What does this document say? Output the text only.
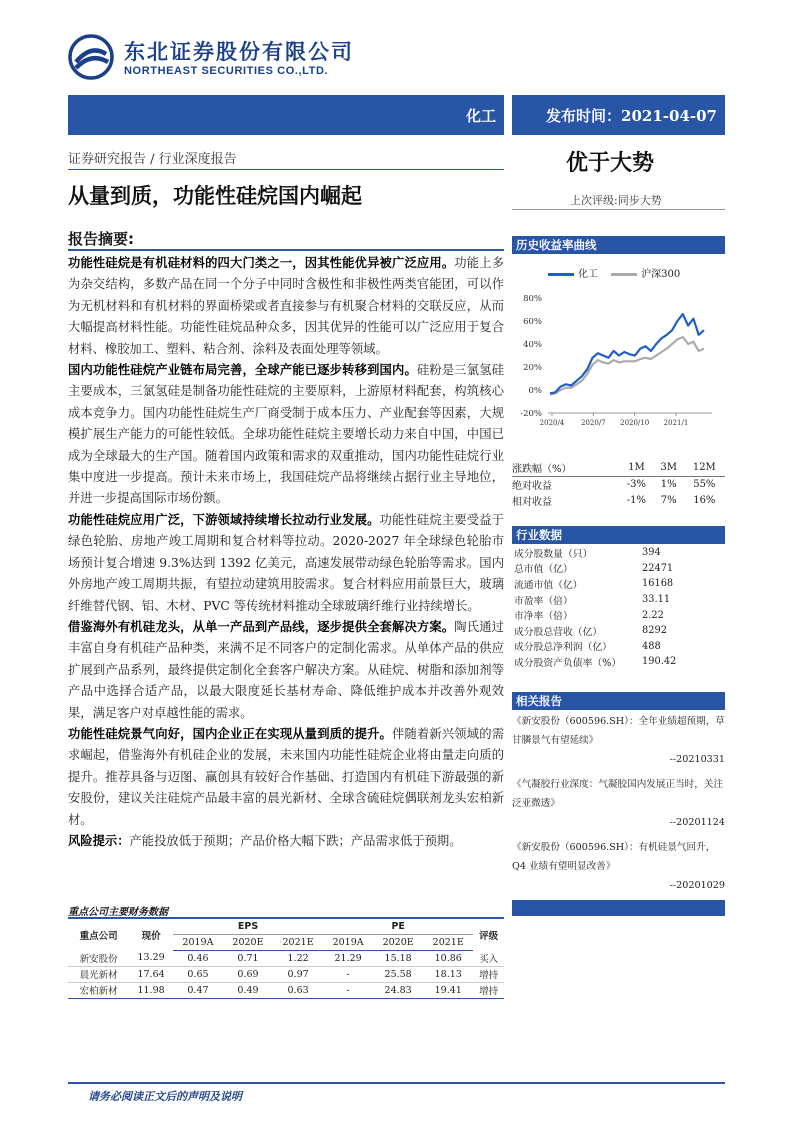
东北证券股份有限公司
NORTHEAST SECURITIES CO.,LTD.
化工	发布时间：2021-04-07
证券研究报告 / 行业深度报告
从量到质，功能性硅烷国内崛起
优于大势
上次评级:同步大势
报告摘要:

功能性硅烷是有机硅材料的四大门类之一，因其性能优异被广泛应用。功能上多为杂交结构，多数产品在同一个分子中同时含极性和非极性两类官能团，可以作为无机材料和有机材料的界面桥梁或者直接参与有机聚合材料的交联反应，从而大幅提高材料性能。功能性硅烷品种众多，因其优异的性能可以广泛应用于复合材料、橡胶加工、塑料、粘合剂、涂料及表面处理等领域。

国内功能性硅烷产业链布局完善，全球产能已逐步转移到国内。硅粉是三氯氢硅主要成本，三氯氢硅是制备功能性硅烷的主要原料，上游原材料配套，构筑核心成本竞争力。国内功能性硅烷生产厂商受制于成本压力、产业配套等因素，大规模扩展生产能力的可能性较低。全球功能性硅烷主要增长动力来自中国，中国已成为全球最大的生产国。随着国内政策和需求的双重推动，国内功能性硅烷行业集中度进一步提高。预计未来市场上，我国硅烷产品将继续占据行业主导地位，并进一步提高国际市场份额。

功能性硅烷应用广泛，下游领域持续增长拉动行业发展。功能性硅烷主要受益于绿色轮胎、房地产竣工周期和复合材料等拉动。2020-2027 年全球绿色轮胎市场预计复合增速 9.3%达到 1392 亿美元，高速发展带动绿色轮胎等需求。国内外房地产竣工周期共振，有望拉动建筑用胶需求。复合材料应用前景巨大，玻璃纤维替代钢、铝、木材、PVC 等传统材料推动全球玻璃纤维行业持续增长。

借鉴海外有机硅龙头，从单一产品到产品线，逐步提供全套解决方案。陶氏通过丰富自身有机硅产品种类，来满不足不同客户的定制化需求。从单体产品的供应扩展到产品系列，最终提供定制化全套客户解决方案。从硅烷、树脂和添加剂等产品中选择合适产品，以最大限度延长基材寿命、降低维护成本并改善外观效果，满足客户对卓越性能的需求。

功能性硅烷景气向好，国内企业正在实现从量到质的提升。伴随着新兴领域的需求崛起，借鉴海外有机硅企业的发展，未来国内功能性硅烷企业将由量走向质的提升。推荐具备与迈图、赢创具有较好合作基础、打造国内有机硅下游最强的新安股份，建议关注硅烷产品最丰富的晨光新材、全球含硫硅烷偶联剂龙头宏柏新材。

风险提示：产能投放低于预期；产品价格大幅下跌；产品需求低于预期。

重点公司主要财务数据
重点公司	现价	EPS			PE			评级
		2019A	2020E	2021E	2019A	2020E	2021E	
新安股份	13.29	0.46	0.71	1.22	21.29	15.18	10.86	买入
晨光新材	17.64	0.65	0.69	0.97	-	25.58	18.13	增持
宏柏新材	11.98	0.47	0.49	0.63	-	24.83	19.41	增持
请务必阅读正文后的声明及说明
历史收益率曲线
化工	沪深300
-20%
0%
20%
40%
60%
80%
2020/4 2020/7 2020/10 2021/1
涨跌幅（%）	1M	3M	12M
绝对收益	-3%	1%	55%
相对收益	-1%	7%	16%
行业数据
成分股数量（只）	394
总市值（亿）	22471
流通市值（亿）	16168
市盈率（倍）	33.11
市净率（倍）	2.22
成分股总营收（亿）	8292
成分股总净利润（亿）	488
成分股资产负债率（%）	190.42
相关报告
《新安股份（600596.SH）：全年业绩超预期，草甘膦景气有望延续》
--20210331
《气凝胶行业深度：气凝胶国内发展正当时，关注泛亚微透》
--20201124
《新安股份（600596.SH）：有机硅景气回升，Q4 业绩有望明显改善》
--20201029
